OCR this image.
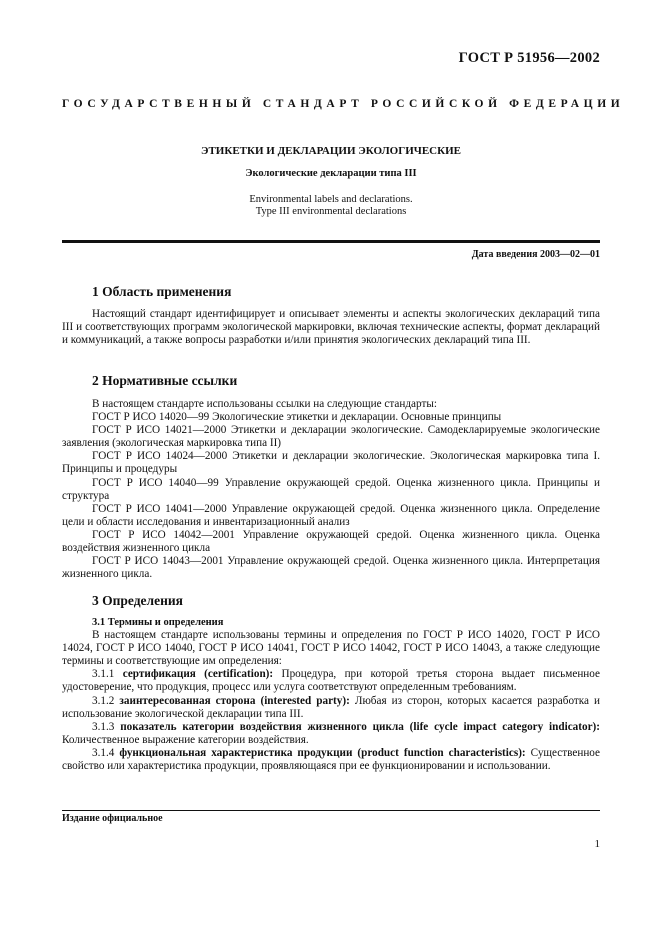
ГОСТ Р 51956—2002
ГОСУДАРСТВЕННЫЙ СТАНДАРТ РОССИЙСКОЙ ФЕДЕРАЦИИ
ЭТИКЕТКИ И ДЕКЛАРАЦИИ ЭКОЛОГИЧЕСКИЕ
Экологические декларации типа III
Environmental labels and declarations.
Type III environmental declarations
Дата введения 2003—02—01
1 Область применения

Настоящий стандарт идентифицирует и описывает элементы и аспекты экологических деклараций типа III и соответствующих программ экологической маркировки, включая технические аспекты, формат деклараций и коммуникаций, а также вопросы разработки и/или принятия экологических деклараций типа III.

2 Нормативные ссылки

В настоящем стандарте использованы ссылки на следующие стандарты:

ГОСТ Р ИСО 14020—99 Экологические этикетки и декларации. Основные принципы

ГОСТ Р ИСО 14021—2000 Этикетки и декларации экологические. Самодекларируемые экологические заявления (экологическая маркировка типа II)

ГОСТ Р ИСО 14024—2000 Этикетки и декларации экологические. Экологическая маркировка типа I. Принципы и процедуры

ГОСТ Р ИСО 14040—99 Управление окружающей средой. Оценка жизненного цикла. Принципы и структура

ГОСТ Р ИСО 14041—2000 Управление окружающей средой. Оценка жизненного цикла. Определение цели и области исследования и инвентаризационный анализ

ГОСТ Р ИСО 14042—2001 Управление окружающей средой. Оценка жизненного цикла. Оценка воздействия жизненного цикла

ГОСТ Р ИСО 14043—2001 Управление окружающей средой. Оценка жизненного цикла. Интерпретация жизненного цикла.

3 Определения

3.1 Термины и определения

В настоящем стандарте использованы термины и определения по ГОСТ Р ИСО 14020, ГОСТ Р ИСО 14024, ГОСТ Р ИСО 14040, ГОСТ Р ИСО 14041, ГОСТ Р ИСО 14042, ГОСТ Р ИСО 14043, а также следующие термины и соответствующие им определения:

3.1.1 сертификация (certification): Процедура, при которой третья сторона выдает письменное удостоверение, что продукция, процесс или услуга соответствуют определенным требованиям.

3.1.2 заинтересованная сторона (interested party): Любая из сторон, которых касается разработка и использование экологической декларации типа III.

3.1.3 показатель категории воздействия жизненного цикла (life cycle impact category indicator): Количественное выражение категории воздействия.

3.1.4 функциональная характеристика продукции (product function characteristics): Существенное свойство или характеристика продукции, проявляющаяся при ее функционировании и использовании.

Издание официальное
1
